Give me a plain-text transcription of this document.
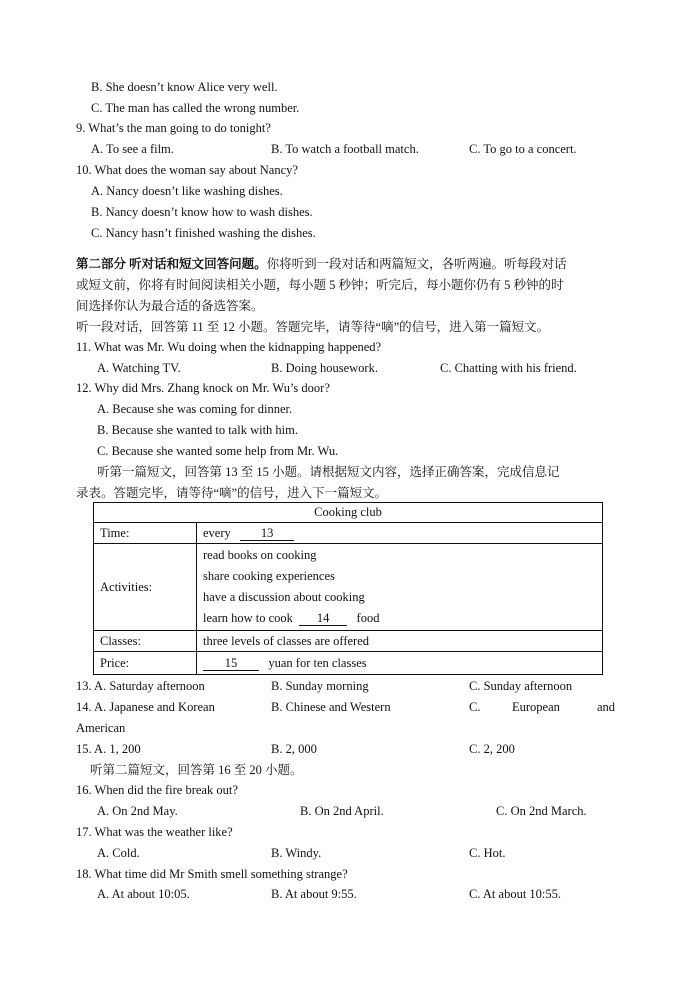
B. She doesn’t know Alice very well.
C. The man has called the wrong number.
9. What’s the man going to do tonight?
A. To see a film.	B. To watch a football match.	C. To go to a concert.
10. What does the woman say about Nancy?
A. Nancy doesn’t like washing dishes.
B. Nancy doesn’t know how to wash dishes.
C. Nancy hasn’t finished washing the dishes.
第二部分 听对话和短文回答问题。你将听到一段对话和两篇短文，各听两遍。听每段对话
或短文前，你将有时间阅读相关小题，每小题 5 秒钟；听完后，每小题你仍有 5 秒钟的时
间选择你认为最合适的备选答案。
听一段对话，回答第 11 至 12 小题。答题完毕，请等待“嘀”的信号，进入第一篇短文。
11. What was Mr. Wu doing when the kidnapping happened?
A. Watching TV.	B. Doing housework.	C. Chatting with his friend.
12. Why did Mrs. Zhang knock on Mr. Wu’s door?
A. Because she was coming for dinner.
B. Because she wanted to talk with him.
C. Because she wanted some help from Mr. Wu.
听第一篇短文，回答第 13 至 15 小题。请根据短文内容，选择正确答案，完成信息记
录表。答题完毕，请等待“嘀”的信号，进入下一篇短文。
Cooking club	
Time:	every 13
Activities:	read books on cooking
share cooking experiences
have a discussion about cooking
learn how to cook 14 food

Classes:	three levels of classes are offered
Price:	15 yuan for ten classes
13. A. Saturday afternoon	B. Sunday morning	C. Sunday afternoon
14. A. Japanese and Korean	B. Chinese and Western	C.	European	and
American
15. A. 1, 200	B. 2, 000	C. 2, 200
听第二篇短文，回答第 16 至 20 小题。
16. When did the fire break out?
A. On 2nd May.	B. On 2nd April.	C. On 2nd March.
17. What was the weather like?
A. Cold.	B. Windy.	C. Hot.
18. What time did Mr Smith smell something strange?
A. At about 10:05.	B. At about 9:55.	C. At about 10:55.
